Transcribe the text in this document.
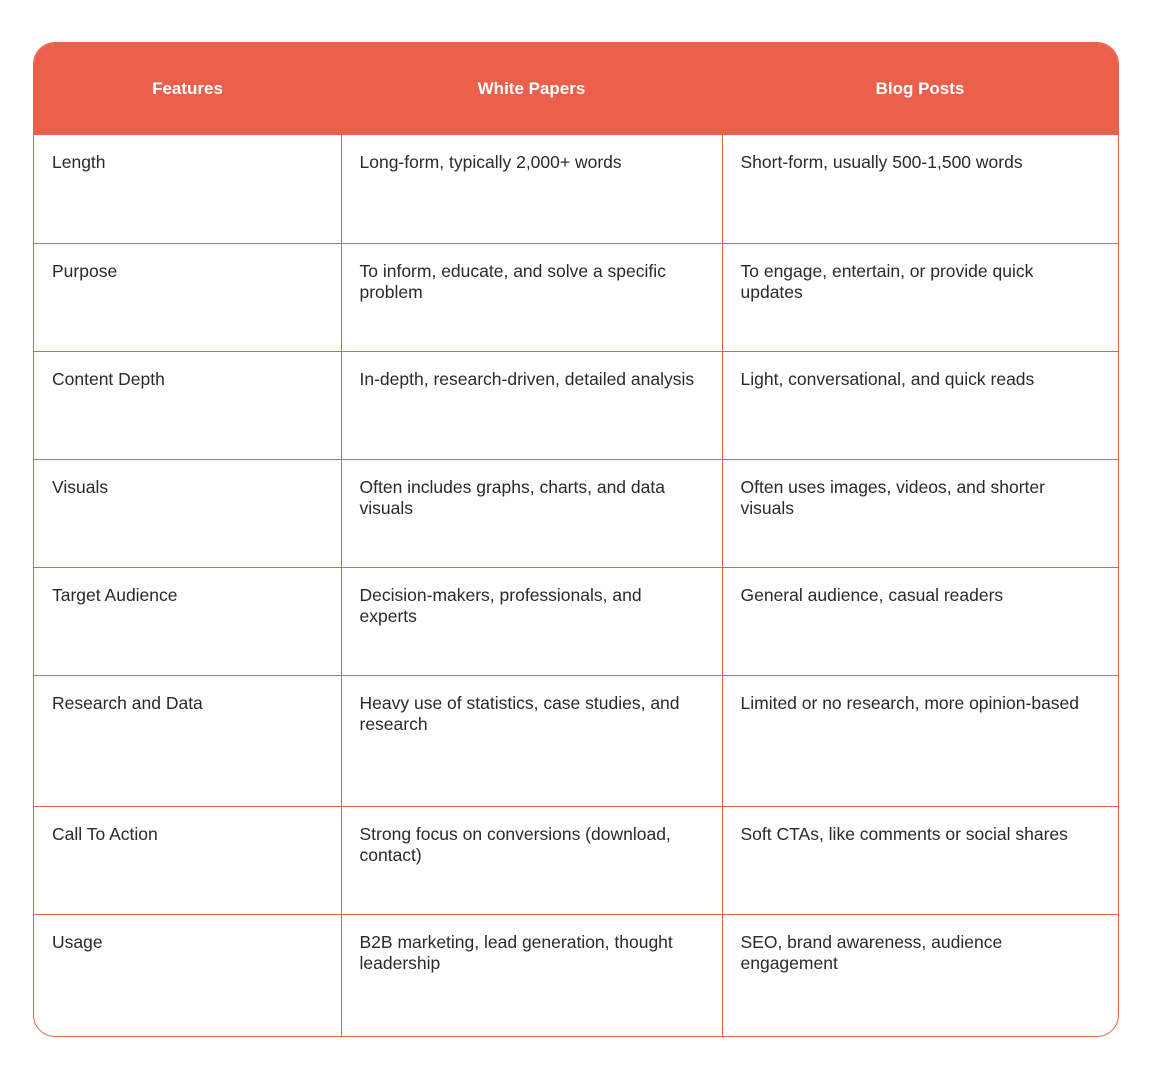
Features	White Papers	Blog Posts
Length	Long-form, typically 2,000+ words	Short-form, usually 500-1,500 words
Purpose	To inform, educate, and solve a specific problem	To engage, entertain, or provide quick updates
Content Depth	In-depth, research-driven, detailed analysis	Light, conversational, and quick reads
Visuals	Often includes graphs, charts, and data visuals	Often uses images, videos, and shorter visuals
Target Audience	Decision-makers, professionals, and experts	General audience, casual readers
Research and Data	Heavy use of statistics, case studies, and research	Limited or no research, more opinion-based
Call To Action	Strong focus on conversions (download, contact)	Soft CTAs, like comments or social shares
Usage	B2B marketing, lead generation, thought leadership	SEO, brand awareness, audience engagement
